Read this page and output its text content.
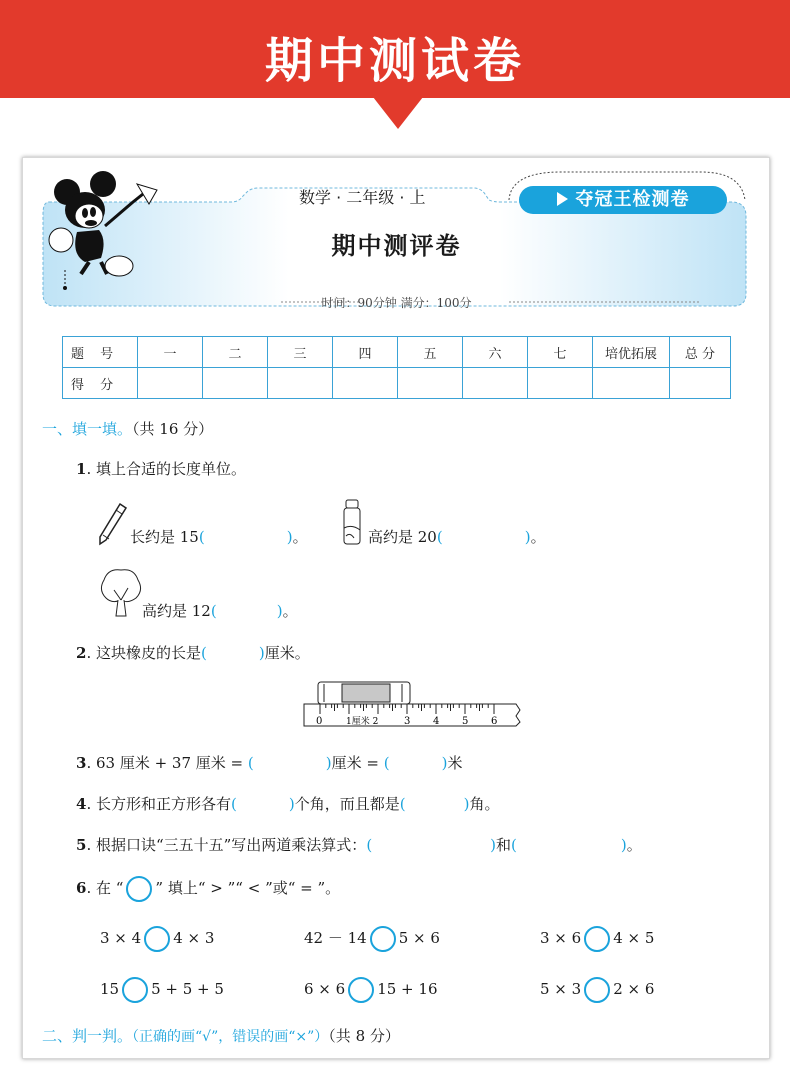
期中测试卷
数学 · 二年级 · 上	夺冠王检测卷
期中测评卷
时间：90分钟 满分：100分
题 号	一	二	三	四	五	六	七	培优拓展	总 分
得 分									
一、填一填。（共 16 分）
1. 填上合适的长度单位。
长约是 15(	)。	高约是 20(	)。
高约是 12(	)。
2. 这块橡皮的长是(	)厘米。
0	1厘米 2	3 4 5 6
3. 63 厘米 + 37 厘米 = (	)厘米 = (	)米
4. 长方形和正方形各有(	)个角，而且都是(	)角。
5. 根据口诀“三五十五”写出两道乘法算式：(	)和(	)。
6. 在 “ ” 填上“ > ”“ < ”或“ = ”。
3 × 4 4 × 3	42 － 14 5 × 6	3 × 6 4 × 5
15 5 + 5 + 5	6 × 6 15 + 16	5 × 3 2 × 6
二、判一判。（正确的画“√”，错误的画“×”）（共 8 分）
